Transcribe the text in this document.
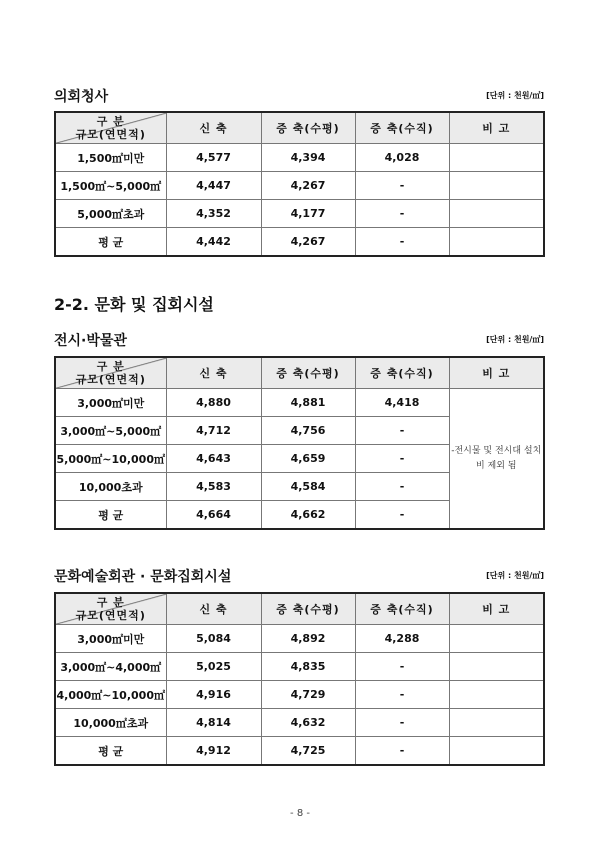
2-2. 문화 및 집회시설
- 8 -
의회청사	[단위 : 천원/㎡]
구 분
규모(연면적)	신 축	증 축(수평)	증 축(수직)	비 고
1,500㎡미만	4,577	4,394	4,028	
1,500㎡~5,000㎡	4,447	4,267	-	
5,000㎡초과	4,352	4,177	-	
평 균	4,442	4,267	-	
전시·박물관	[단위 : 천원/㎡]
구 분
규모(연면적)	신 축	증 축(수평)	증 축(수직)	비 고
3,000㎡미만	4,880	4,881	4,418	-전시물 및 전시대 설치비 제외 됨
3,000㎡~5,000㎡	4,712	4,756	-	
5,000㎡~10,000㎡	4,643	4,659	-	
10,000초과	4,583	4,584	-	
평 균	4,664	4,662	-	
문화예술회관 · 문화집회시설	[단위 : 천원/㎡]
구 분
규모(연면적)	신 축	증 축(수평)	증 축(수직)	비 고
3,000㎡미만	5,084	4,892	4,288	
3,000㎡~4,000㎡	5,025	4,835	-	
4,000㎡~10,000㎡	4,916	4,729	-	
10,000㎡초과	4,814	4,632	-	
평 균	4,912	4,725	-	
